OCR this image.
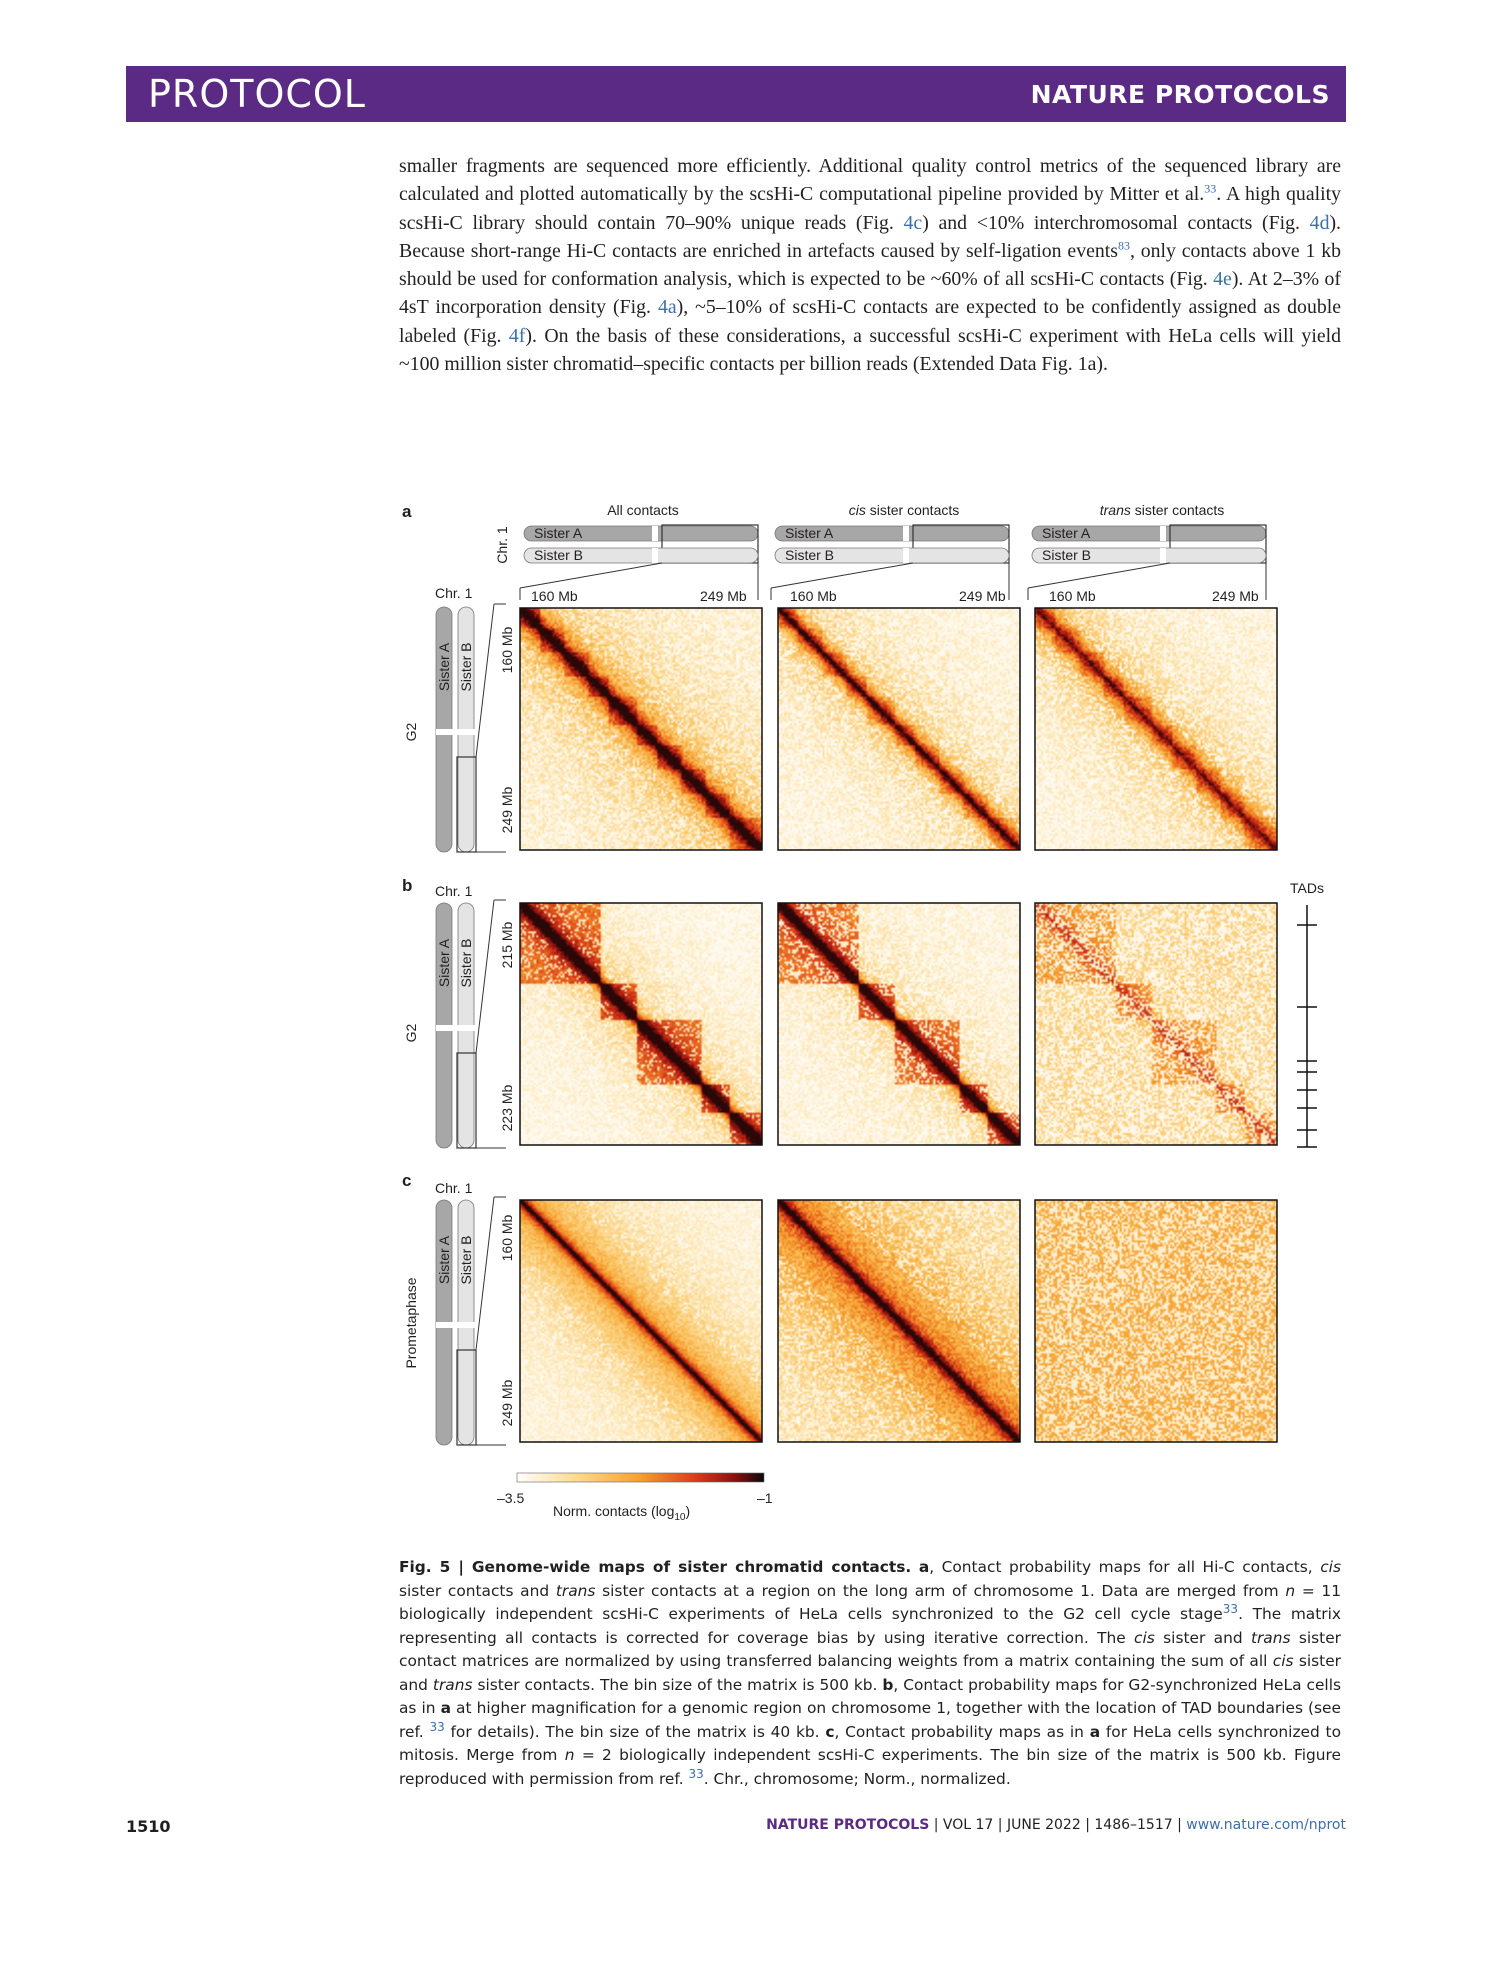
PROTOCOL	NATURE PROTOCOLS

smaller fragments are sequenced more efficiently. Additional quality control metrics of the sequenced library are calculated and plotted automatically by the scsHi-C computational pipeline provided by Mitter et al.$^{33}$. A high quality scsHi-C library should contain 70–90% unique reads (Fig. 4c) and <10% interchromosomal contacts (Fig. 4d). Because short-range Hi-C contacts are enriched in artefacts caused by self-ligation events$^{83}$, only contacts above 1 kb should be used for conformation analysis, which is expected to be ~60% of all scsHi-C contacts (Fig. 4e). At 2–3% of 4sT incorporation density (Fig. 4a), ~5–10% of scsHi-C contacts are expected to be confidently assigned as double labeled (Fig. 4f). On the basis of these considerations, a successful scsHi-C experiment with HeLa cells will yield ~100 million sister chromatid–specific contacts per billion reads (Extended Data Fig. 1a).

a
b
c
All contacts	cis sister contacts	trans sister contacts
Chr. 1 Sister A
Sister B
Sister A
Sister B
Sister A
Sister B
Sister A Sister B
Sister A Sister B
Sister A Sister B
G2
G2
Prometaphase
Chr. 1
Chr. 1
Chr. 1
160 Mb
249 Mb
215 Mb
223 Mb
160 Mb
249 Mb
160 Mb	249 Mb	160 Mb	249 Mb	160 Mb	249 Mb
TADs
–3.5	–1
Norm. contacts $(\log_{10})$
Fig. 5 | Genome-wide maps of sister chromatid contacts. a, Contact probability maps for all Hi-C contacts, cis sister contacts and trans sister contacts at a region on the long arm of chromosome 1. Data are merged from n = 11 biologically independent scsHi-C experiments of HeLa cells synchronized to the G2 cell cycle stage$^{33}$. The matrix representing all contacts is corrected for coverage bias by using iterative correction. The cis sister and trans sister contact matrices are normalized by using transferred balancing weights from a matrix containing the sum of all cis sister and trans sister contacts. The bin size of the matrix is 500 kb. b, Contact probability maps for G2-synchronized HeLa cells as in a at higher magnification for a genomic region on chromosome 1, together with the location of TAD boundaries (see ref. $^{33}$ for details). The bin size of the matrix is 40 kb. c, Contact probability maps as in a for HeLa cells synchronized to mitosis. Merge from n = 2 biologically independent scsHi-C experiments. The bin size of the matrix is 500 kb. Figure reproduced with permission from ref. $^{33}$. Chr., chromosome; Norm., normalized.
1510	NATURE PROTOCOLS | VOL 17 | JUNE 2022 | 1486–1517 | www.nature.com/nprot
